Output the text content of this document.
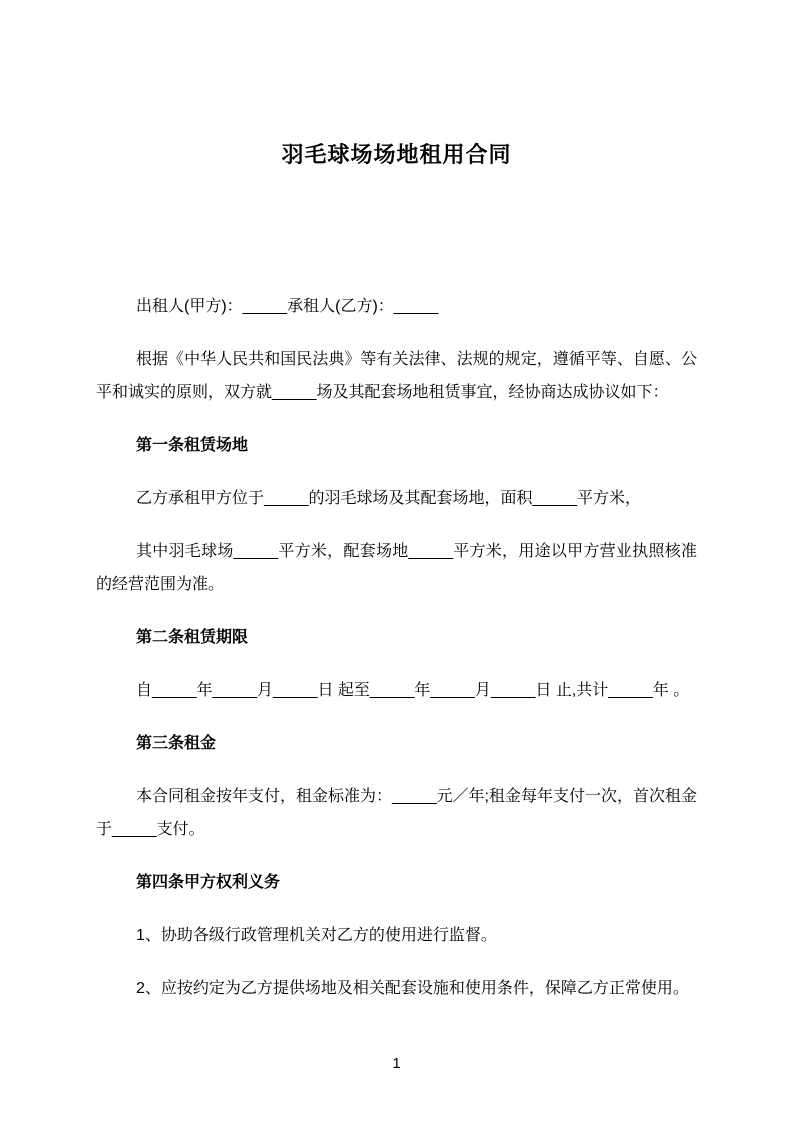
羽毛球场场地租用合同

出租人(甲方)：_____承租人(乙方)：_____

根据《中华人民共和国民法典》等有关法律、法规的规定，遵循平等、自愿、公平和诚实的原则，双方就_____场及其配套场地租赁事宜，经协商达成协议如下：

第一条租赁场地

乙方承租甲方位于_____的羽毛球场及其配套场地，面积_____平方米，

其中羽毛球场_____平方米，配套场地_____平方米，用途以甲方营业执照核准的经营范围为准。

第二条租赁期限

自_____年_____月_____日 起至_____年_____月_____日 止,共计_____年 。

第三条租金

本合同租金按年支付，租金标准为：_____元／年;租金每年支付一次，首次租金于_____支付。

第四条甲方权利义务

1、协助各级行政管理机关对乙方的使用进行监督。

2、应按约定为乙方提供场地及相关配套设施和使用条件，保障乙方正常使用。

1
